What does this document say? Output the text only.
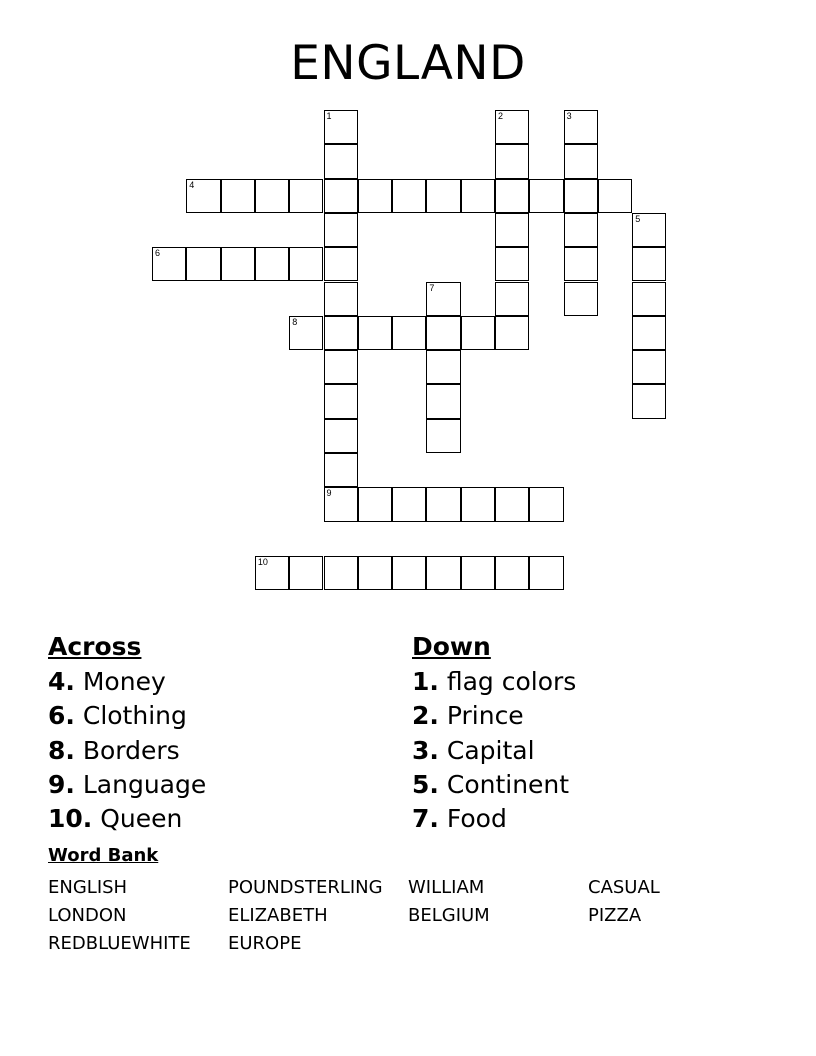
ENGLAND
1
9
2	3
4
5
6
7
8
10
Across
4. Money
6. Clothing
8. Borders
9. Language
10. Queen
Down
1. flag colors
2. Prince
3. Capital
5. Continent
7. Food
Word Bank
ENGLISH	POUNDSTERLING	WILLIAM	CASUAL
LONDON	ELIZABETH	BELGIUM	PIZZA
REDBLUEWHITE	EUROPE
